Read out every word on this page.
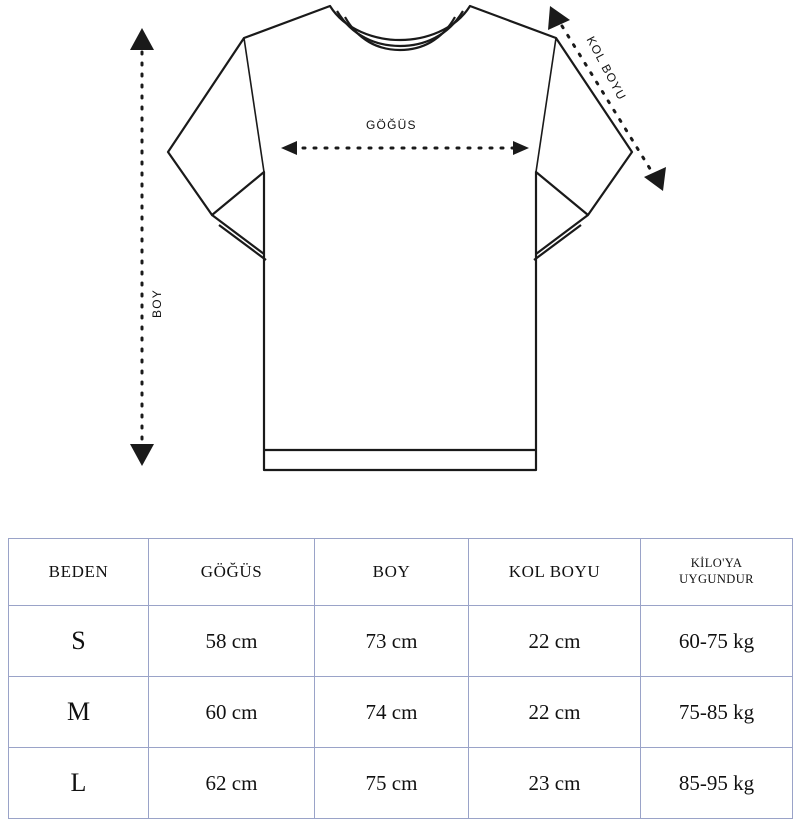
GÖĞÜS
BOY
KOL BOYU
BEDEN	GÖĞÜS	BOY	KOL BOYU	KİLO'YA
UYGUNDUR

S	58 cm	73 cm	22 cm	60-75 kg
M	60 cm	74 cm	22 cm	75-85 kg
L	62 cm	75 cm	23 cm	85-95 kg
